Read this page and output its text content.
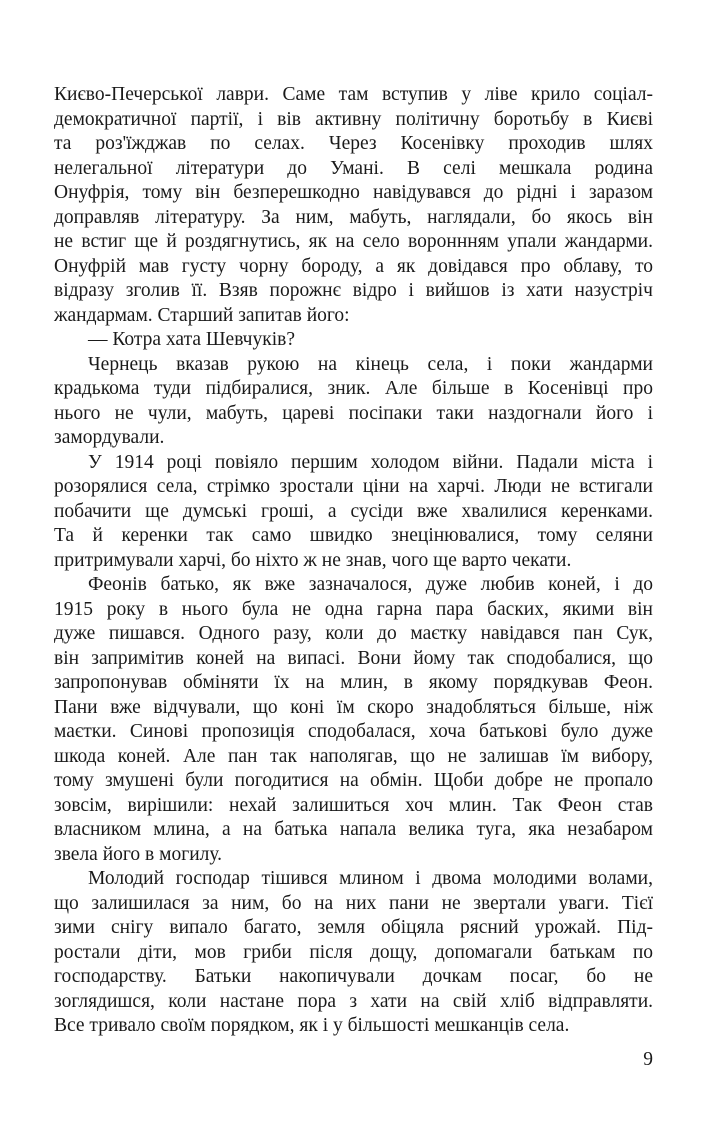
Києво-Печерської лаври. Саме там вступив у ліве крило соціал-
демократичної партії, і вів активну політичну боротьбу в Києві
та роз'їжджав по селах. Через Косенівку проходив шлях
нелегальної літератури до Умані. В селі мешкала родина
Онуфрія, тому він безперешкодно навідувався до рідні і заразом
доправляв літературу. За ним, мабуть, наглядали, бо якось він
не встиг ще й роздягнутись, як на село вороннням упали жандарми.
Онуфрій мав густу чорну бороду, а як довідався про облаву, то
відразу зголив її. Взяв порожнє відро і вийшов із хати назустріч
жандармам. Старший запитав його:
— Котра хата Шевчуків?
Чернець вказав рукою на кінець села, і поки жандарми
крадькома туди підбиралися, зник. Але більше в Косенівці про
нього не чули, мабуть, цареві посіпаки таки наздогнали його і
замордували.
У 1914 році повіяло першим холодом війни. Падали міста і
розорялися села, стрімко зростали ціни на харчі. Люди не встигали
побачити ще думські гроші, а сусіди вже хвалилися керенками.
Та й керенки так само швидко знецінювалися, тому селяни
притримували харчі, бо ніхто ж не знав, чого ще варто чекати.
Феонів батько, як вже зазначалося, дуже любив коней, і до
1915 року в нього була не одна гарна пара баских, якими він
дуже пишався. Одного разу, коли до маєтку навідався пан Сук,
він запримітив коней на випасі. Вони йому так сподобалися, що
запропонував обміняти їх на млин, в якому порядкував Феон.
Пани вже відчували, що коні їм скоро знадобляться більше, ніж
маєтки. Синові пропозиція сподобалася, хоча батькові було дуже
шкода коней. Але пан так наполягав, що не залишав їм вибору,
тому змушені були погодитися на обмін. Щоби добре не пропало
зовсім, вирішили: нехай залишиться хоч млин. Так Феон став
власником млина, а на батька напала велика туга, яка незабаром
звела його в могилу.
Молодий господар тішився млином і двома молодими волами,
що залишилася за ним, бо на них пани не звертали уваги. Тієї
зими снігу випало багато, земля обіцяла рясний урожай. Під-
ростали діти, мов гриби після дощу, допомагали батькам по
господарству. Батьки накопичували дочкам посаг, бо не
зоглядишся, коли настане пора з хати на свій хліб відправляти.
Все тривало своїм порядком, як і у більшості мешканців села.
9
